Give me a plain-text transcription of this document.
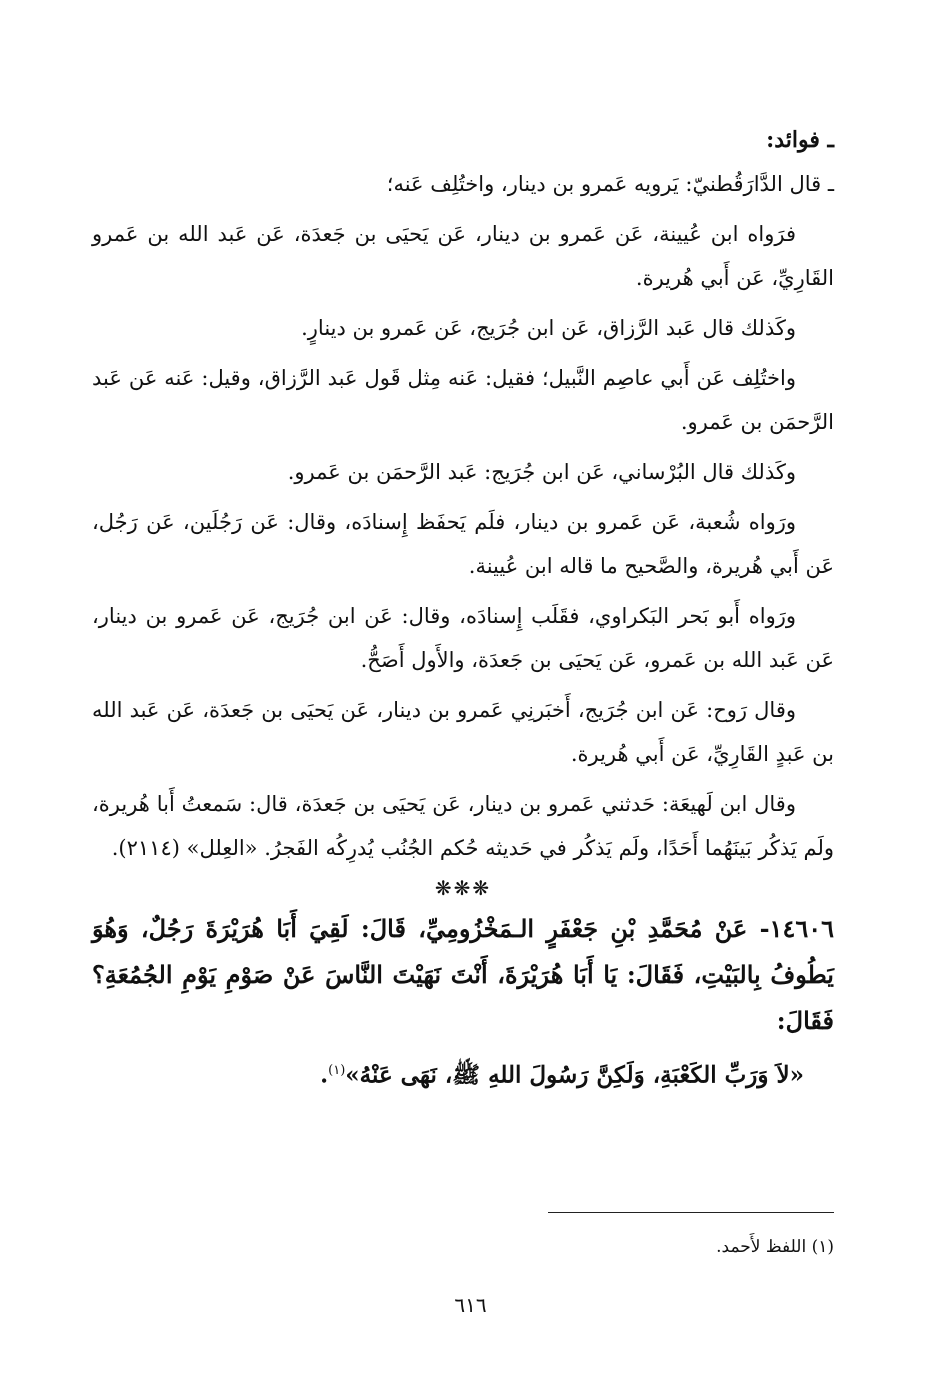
ـ فوائد:

ـ قال الدَّارَقُطنيّ: يَرويه عَمرو بن دينار، واختُلِف عَنه؛

فرَواه ابن عُيينة، عَن عَمرو بن دينار، عَن يَحيَى بن جَعدَة، عَن عَبد الله بن عَمرو القَارِيِّ، عَن أَبي هُريرة.

وكَذلك قال عَبد الرَّزاق، عَن ابن جُرَيج، عَن عَمرو بن دينارٍ.

واختُلِف عَن أَبي عاصِم النَّبيل؛ فقيل: عَنه مِثل قَول عَبد الرَّزاق، وقيل: عَنه عَن عَبد الرَّحمَن بن عَمرو.

وكَذلك قال البُرْساني، عَن ابن جُرَيج: عَبد الرَّحمَن بن عَمرو.

ورَواه شُعبة، عَن عَمرو بن دينار، فلَم يَحفَظ إِسنادَه، وقال: عَن رَجُلَين، عَن رَجُل، عَن أَبي هُريرة، والصَّحيح ما قاله ابن عُيينة.

ورَواه أَبو بَحر البَكراوي، فقَلَب إِسنادَه، وقال: عَن ابن جُرَيج، عَن عَمرو بن دينار، عَن عَبد الله بن عَمرو، عَن يَحيَى بن جَعدَة، والأَول أَصَحُّ.

وقال رَوح: عَن ابن جُرَيج، أَخبَرنِي عَمرو بن دينار، عَن يَحيَى بن جَعدَة، عَن عَبد الله بن عَبدٍ القَارِيِّ، عَن أَبي هُريرة.

وقال ابن لَهيعَة: حَدثني عَمرو بن دينار، عَن يَحيَى بن جَعدَة، قال: سَمعتُ أَبا هُريرة، ولَم يَذكُر بَينَهُما أَحَدًا، ولَم يَذكُر في حَديثه حُكم الجُنُب يُدرِكُه الفَجرُ. «العِلل» (٢١١٤).

❋❋❋

١٤٦٠٦- عَنْ مُحَمَّدِ بْنِ جَعْفَرٍ الـمَخْزُومِيِّ، قَالَ: لَقِيَ أَبَا هُرَيْرَةَ رَجُلٌ، وَهُوَ يَطُوفُ بِالبَيْتِ، فَقَالَ: يَا أَبَا هُرَيْرَةَ، أَنْتَ نَهَيْتَ النَّاسَ عَنْ صَوْمِ يَوْمِ الجُمُعَةِ؟ فَقَالَ:

«لاَ وَرَبِّ الكَعْبَةِ، وَلَكِنَّ رَسُولَ اللهِ ﷺ، نَهَى عَنْهُ»$^{(١)}$.

(١) اللفظ لأَحمد.
٦١٦
